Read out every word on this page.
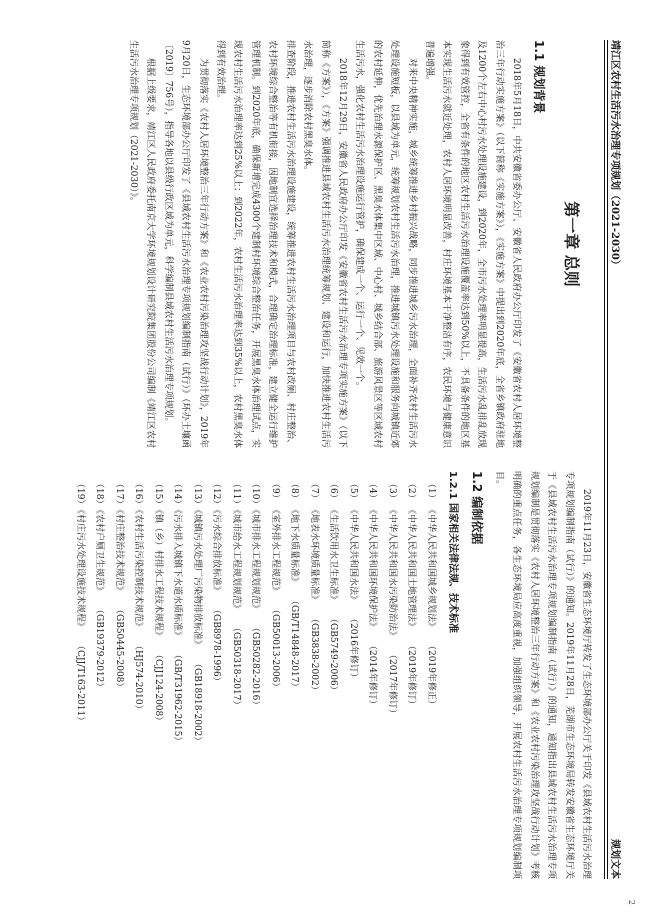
2
靖江区农村生活污水治理专项规划（2021-2030）
规划文本
第一章 总则
1.1 规划背景

2018年5月18日，中共安徽省委办公厅、安徽省人民政府办公厅印发了《安徽省农村人居环境整治三年行动实施方案》（以下简称《实施方案》），《实施方案》中提出到2020年底，全省乡镇政府驻地及1200个左右中心村污水处理设施建设，到2020年，全市污水处理率明显提高，生活污水乱排乱放现象得到有效管控，全省有条件的地区农村生活污水治理设施覆盖率达到50%以上，不具备条件的地区基本实现生活污水就近处理，农村人居环境明显改善，村庄环境基本干净整洁有序，农民环境与健康意识普遍增强。

对来中央精神实施，城乡统筹推进乡村振兴战略，同步推进城乡污水治理，全面补齐农村生活污水处理设施短板，以县域为单元，统筹规划农村生活污水治理，推进城镇污水处理设施和服务向城镇近郊的农村延伸，优先治理水源保护区、黑臭水体集中区域、中心村、城乡结合部、旅游风景区等区域农村生活污水，强化农村生活污水治理设施运行管护，确保建成一个、运行一个、见效一个。

2018年12月29日，安徽省人民政府办公厅印发《安徽省农村生活污水治理专项实施方案》（以下简称《方案》），《方案》强调推进县域农村生活污水治理统筹规划、建设和运行，加快推进农村生活污水治理，逐步消除农村黑臭水体。

排查阶段，推进农村生活污水治理设施建设，统筹推进农村生活污水治理项目与农村改厕、村庄整治、农村环境综合整治等有机衔接，因地制宜选择治理技术和模式，合理确定治理标准，建立健全运行维护管理机制。到2020年底，确保新增完成4300个建制村环境综合整治任务，开展黑臭水体治理试点，实现农村生活污水治理率达到25%以上；到2022年，农村生活污水治理率达到35%以上，农村黑臭水体得到有效治理。

为贯彻落实《农村人居环境整治三年行动方案》和《农业农村污染治理攻坚战行动计划》，2019年9月20日，生态环境部办公厅印发了《县域农村生活污水治理专项规划编制指南（试行）》（环办土壤函〔2019〕756号），指导各地以县级行政区域为单元，科学编制县域农村生活污水治理专项规划。

根据上级要求，靖江区人民政府委托南京大学环境规划设计研究院集团股份公司编制《靖江区农村生活污水治理专项规划（2021-2030）》。

2019年11月23日，安徽省生态环境厅转发了生态环境部办公厅关于印发《县域农村生活污水治理专项规划编制指南（试行）》的通知。2019年11月28日，芜湖市生态环境局转发安徽省生态环境厅关于《县域农村生活污水治理专项规划编制指南（试行）》的通知，通知指出县域农村生活污水治理专项规划编制是贯彻落实《农村人居环境整治三年行动方案》和《农业农村污染治理攻坚战行动计划》考核明确的重点任务，各生态环境局应高度重视，加强组织领导，开展农村生活污水治理专项规划编制项目。

1.2 编制依据
1.2.1 国家相关法律法规、技术标准
（1）
《中华人民共和国城乡规划法》
（2019年修正）
（2）
《中华人民共和国土地管理法》
（2019年修订）
（3）
《中华人民共和国水污染防治法》
（2017年修订）
（4）
《中华人民共和国环境保护法》
（2014年修订）
（5）
《中华人民共和国水法》
（2016年修订）
（6）
《生活饮用水卫生标准》
（GB5749-2006）
（7）
《地表水环境质量标准》
（GB3838-2002）
（8）
《地下水质量标准》
（GB/T14848-2017）
（9）
《室外排水工程规范》
（GB50013-2006）
（10）
《城市排水工程规划规范》
（GB50282-2016）
（11）
《城市给水工程规划规范》
（GB50318-2017）
（12）
《污水综合排放标准》
（GB8978-1996）
（13）
《城镇污水处理厂污染物排放标准》
（GB18918-2002）
（14）
《污水排入城镇下水道水质标准》
（GB/T31962-2015）
（15）
《镇（乡）村排水工程技术规程》
（CJJ124-2008）
（16）
《农村生活污染控制技术规范》
（HJ574-2010）
（17）
《村庄整治技术规范》
（GB50445-2008）
（18）
《农村户厕卫生规范》
（GB19379-2012）
（19）
《村庄污水处理设施技术规程》
（CJJ/T163-2011）
